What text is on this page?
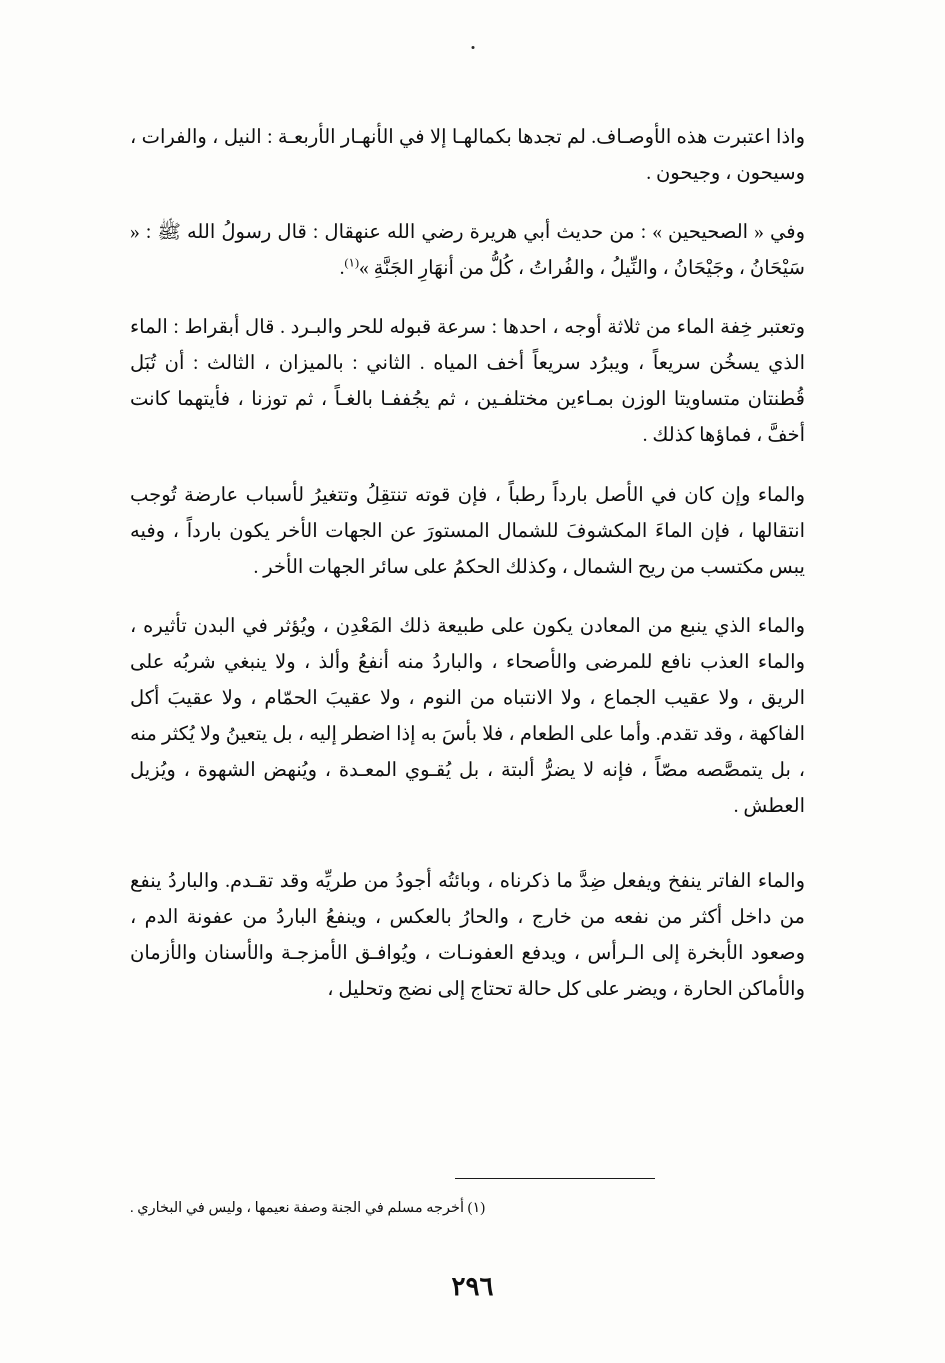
واذا اعتبرت هذه الأوصـاف. لم تجدها بكمالهـا إلا في الأنهـار الأربعـة : النيل ، والفرات ، وسيحون ، وجيحون .

وفي « الصحيحين » : من حديث أبي هريرة رضي الله عنهقال : قال رسولُ الله ﷺ : « سَيْحَانُ ، وجَيْحَانُ ، والنِّيلُ ، والفُراتُ ، كُلُّ من أنهَارِ الجَنَّةِ »$^{(١)}$.

وتعتبر خِفة الماء من ثلاثة أوجه ، احدها : سرعة قبوله للحر والبـرد . قال أبقراط : الماء الذي يسخُن سريعاً ، ويبرُد سريعاً أخف المياه . الثاني : بالميزان ، الثالث : أن تُبَل قُطنتان متساويتا الوزن بمـاءين مختلفـين ، ثم يجُففـا بالغـاً ، ثم توزنا ، فأيتهما كانت أخفَّ ، فماؤها كذلك .

والماء وإن كان في الأصل بارداً رطباً ، فإن قوته تنتقِلُ وتتغيرُ لأسباب عارضة تُوجب انتقالها ، فإن الماءَ المكشوفَ للشمال المستورَ عن الجهات الأخر يكون بارداً ، وفيه يبس مكتسب من ريح الشمال ، وكذلك الحكمُ على سائر الجهات الأخر .

والماء الذي ينبع من المعادن يكون على طبيعة ذلك المَعْدِن ، ويُؤثر في البدن تأثيره ، والماء العذب نافع للمرضى والأصحاء ، والباردُ منه أنفعُ وألذ ، ولا ينبغي شربُه على الريق ، ولا عقيب الجماع ، ولا الانتباه من النوم ، ولا عقيبَ الحمّام ، ولا عقيبَ أكل الفاكهة ، وقد تقدم. وأما على الطعام ، فلا بأسَ به إذا اضطر إليه ، بل يتعينُ ولا يُكثر منه ، بل يتمصَّصه مصّاً ، فإنه لا يضرُّ ألبتة ، بل يُقـوي المعـدة ، ويُنهض الشهوة ، ويُزيل العطش .

والماء الفاتر ينفخ ويفعل ضِدَّ ما ذكرناه ، وبائتُه أجودُ من طريِّه وقد تقـدم. والباردُ ينفع من داخل أكثر من نفعه من خارج ، والحارُ بالعكس ، وينفعُ الباردُ من عفونة الدم ، وصعود الأبخرة إلى الـرأس ، ويدفع العفونـات ، ويُوافـق الأمزجـة والأسنان والأزمان والأماكن الحارة ، ويضر على كل حالة تحتاج إلى نضج وتحليل ،

(١) أخرجه مسلم في الجنة وصفة نعيمها ، وليس في البخاري .
٢٩٦
